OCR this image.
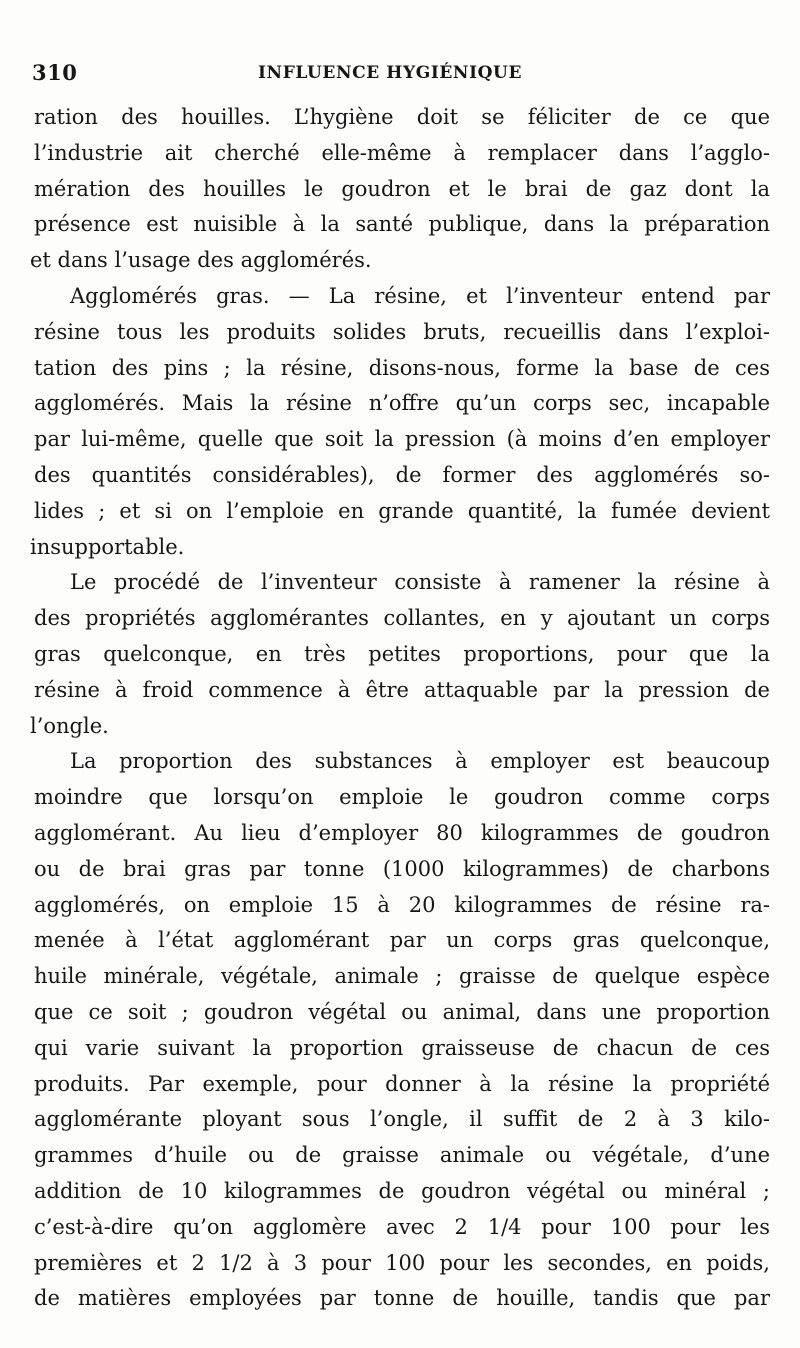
310	INFLUENCE HYGIÉNIQUE
ration des houilles. L’hygiène doit se féliciter de ce que
l’industrie ait cherché elle-même à remplacer dans l’agglo-
mération des houilles le goudron et le brai de gaz dont la
présence est nuisible à la santé publique, dans la préparation
et dans l’usage des agglomérés.
Agglomérés gras. — La résine, et l’inventeur entend par
résine tous les produits solides bruts, recueillis dans l’exploi-
tation des pins ; la résine, disons-nous, forme la base de ces
agglomérés. Mais la résine n’offre qu’un corps sec, incapable
par lui-même, quelle que soit la pression (à moins d’en employer
des quantités considérables), de former des agglomérés so-
lides ; et si on l’emploie en grande quantité, la fumée devient
insupportable.
Le procédé de l’inventeur consiste à ramener la résine à
des propriétés agglomérantes collantes, en y ajoutant un corps
gras quelconque, en très petites proportions, pour que la
résine à froid commence à être attaquable par la pression de
l’ongle.
La proportion des substances à employer est beaucoup
moindre que lorsqu’on emploie le goudron comme corps
agglomérant. Au lieu d’employer 80 kilogrammes de goudron
ou de brai gras par tonne (1000 kilogrammes) de charbons
agglomérés, on emploie 15 à 20 kilogrammes de résine ra-
menée à l’état agglomérant par un corps gras quelconque,
huile minérale, végétale, animale ; graisse de quelque espèce
que ce soit ; goudron végétal ou animal, dans une proportion
qui varie suivant la proportion graisseuse de chacun de ces
produits. Par exemple, pour donner à la résine la propriété
agglomérante ployant sous l’ongle, il suffit de 2 à 3 kilo-
grammes d’huile ou de graisse animale ou végétale, d’une
addition de 10 kilogrammes de goudron végétal ou minéral ;
c’est-à-dire qu’on agglomère avec 2 1/4 pour 100 pour les
premières et 2 1/2 à 3 pour 100 pour les secondes, en poids,
de matières employées par tonne de houille, tandis que par
